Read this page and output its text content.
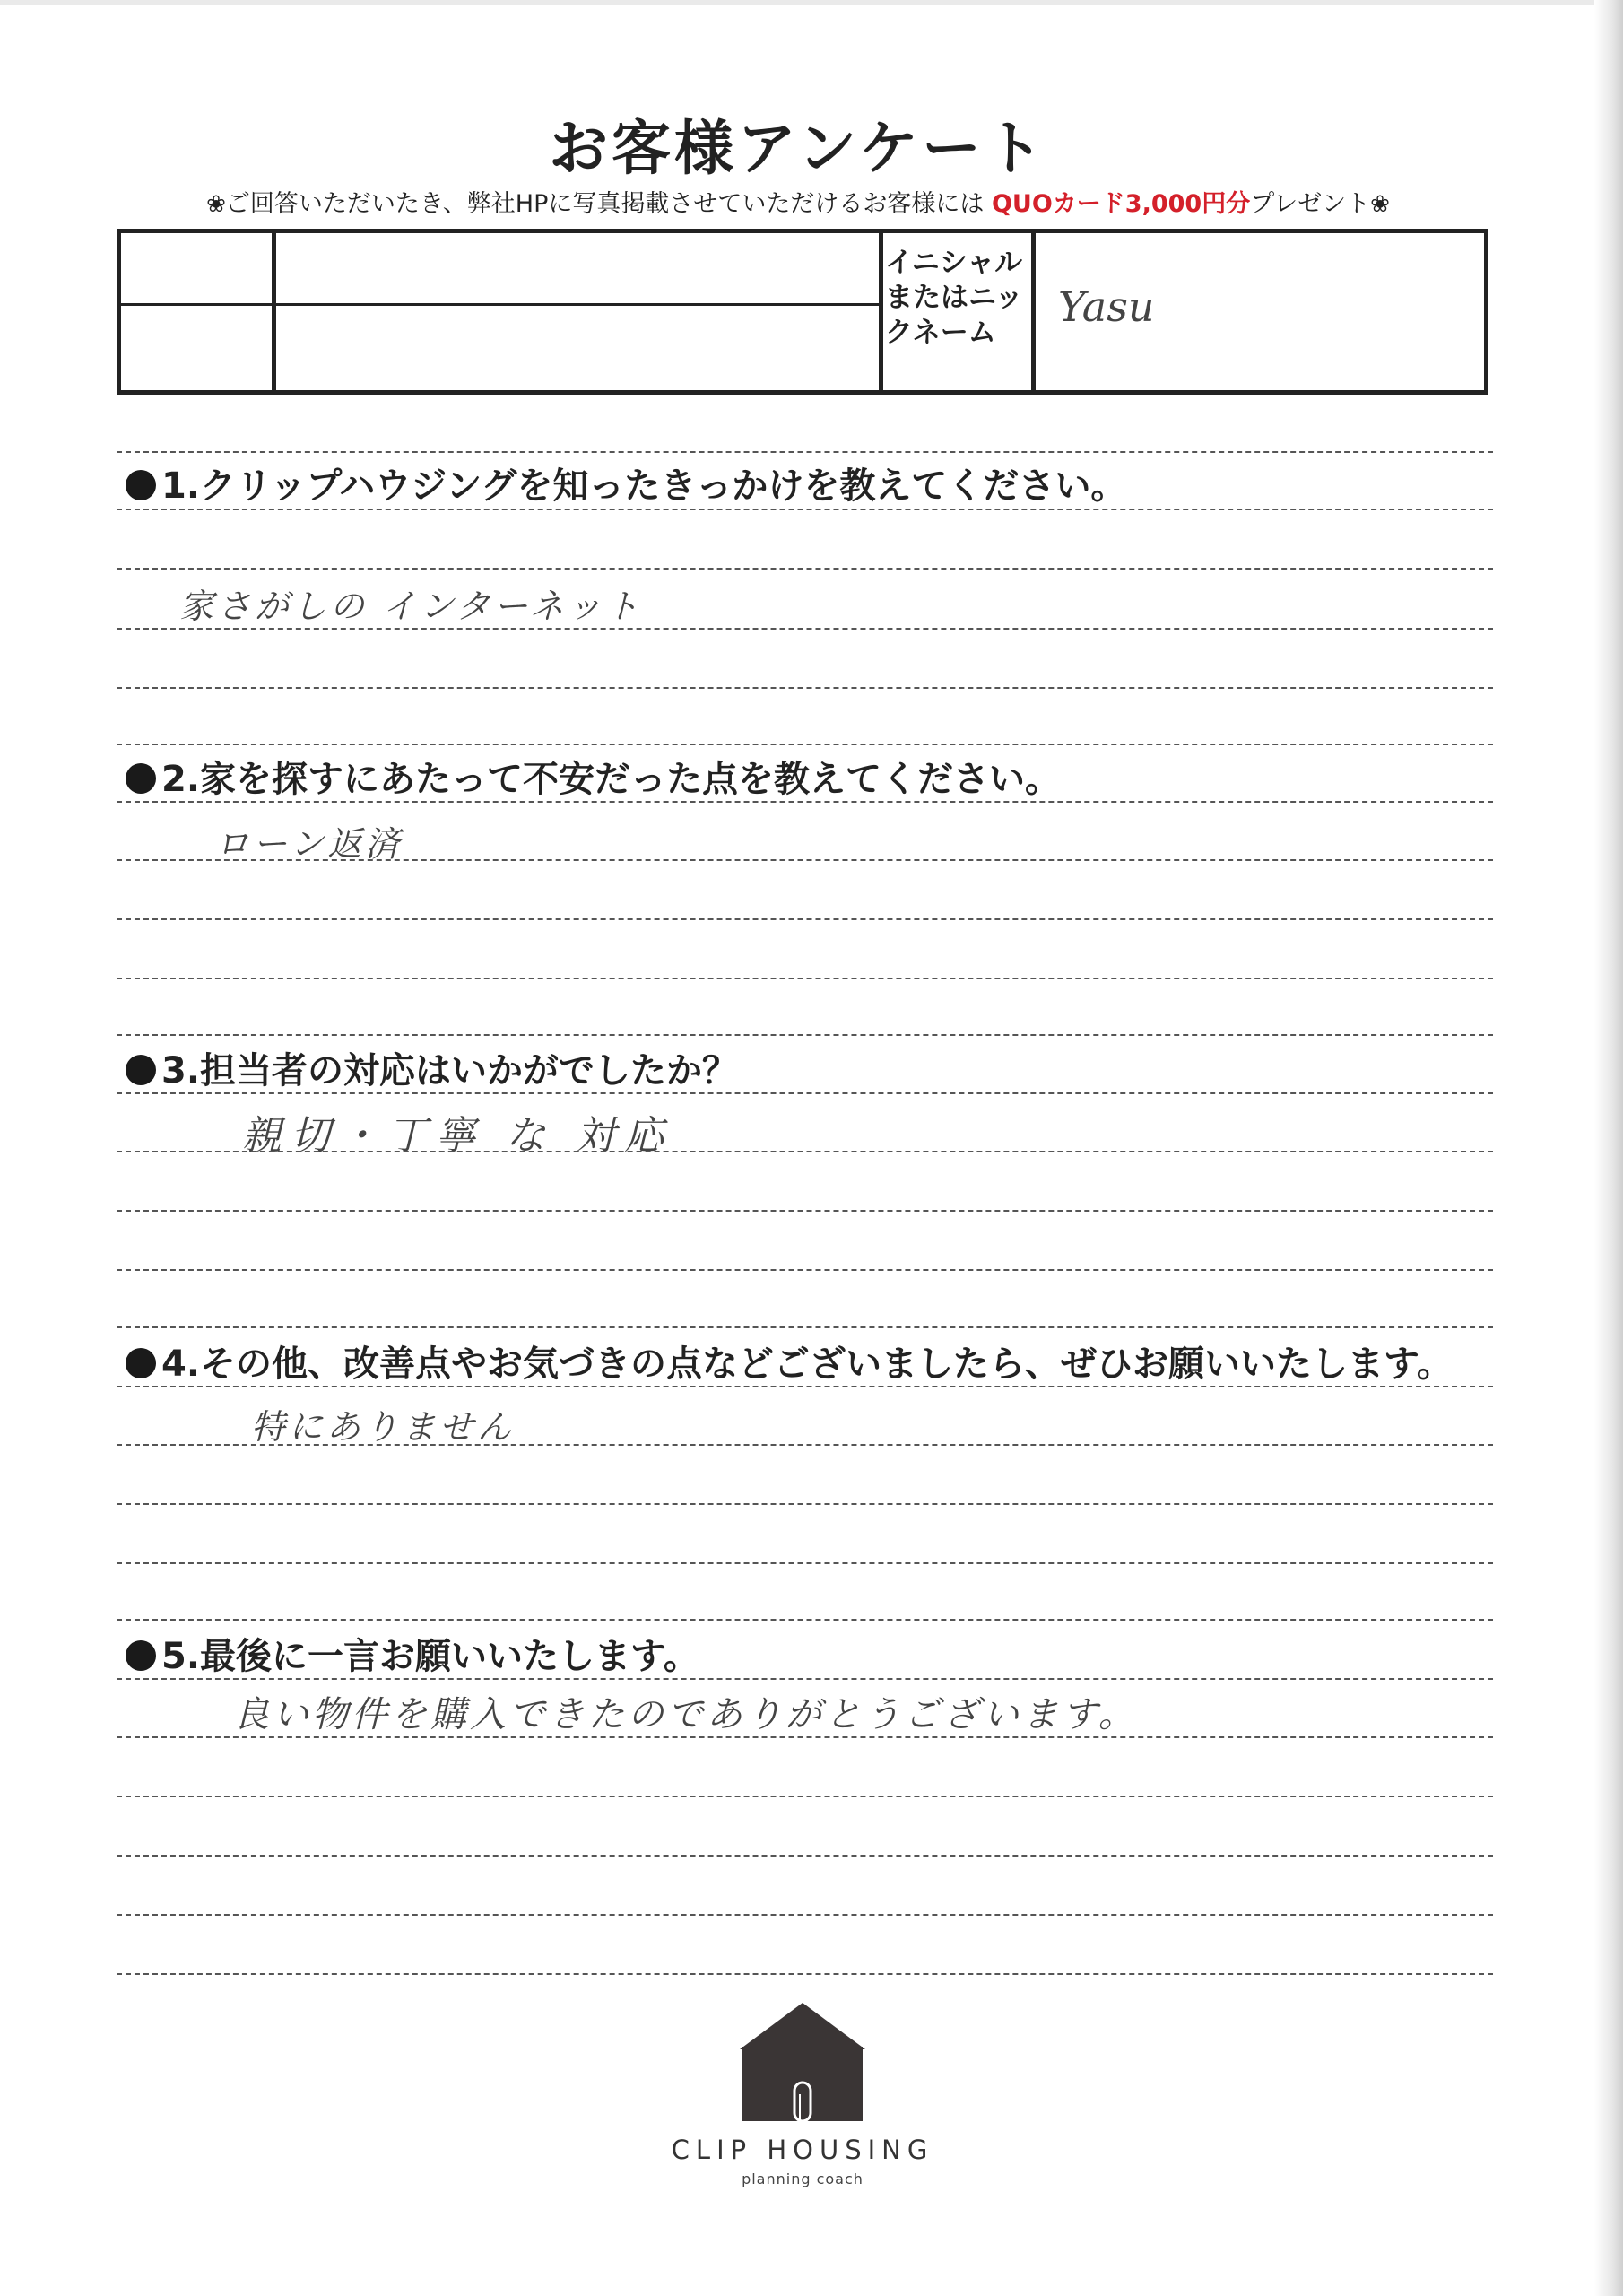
お客様アンケート
❀ご回答いただいたき、弊社HPに写真掲載させていただけるお客様には QUOカード3,000円分プレゼント❀
イニシャルまたはニックネーム
Yasu
1.クリップハウジングを知ったきっかけを教えてください。
家さがしの インターネット
2.家を探すにあたって不安だった点を教えてください。
ローン返済
3.担当者の対応はいかがでしたか？
親切・丁寧 な 対応
4.その他、改善点やお気づきの点などございましたら、ぜひお願いいたします。
特にありません
5.最後に一言お願いいたします。
良い物件を購入できたのでありがとうございます。
CLIP HOUSING
planning coach
